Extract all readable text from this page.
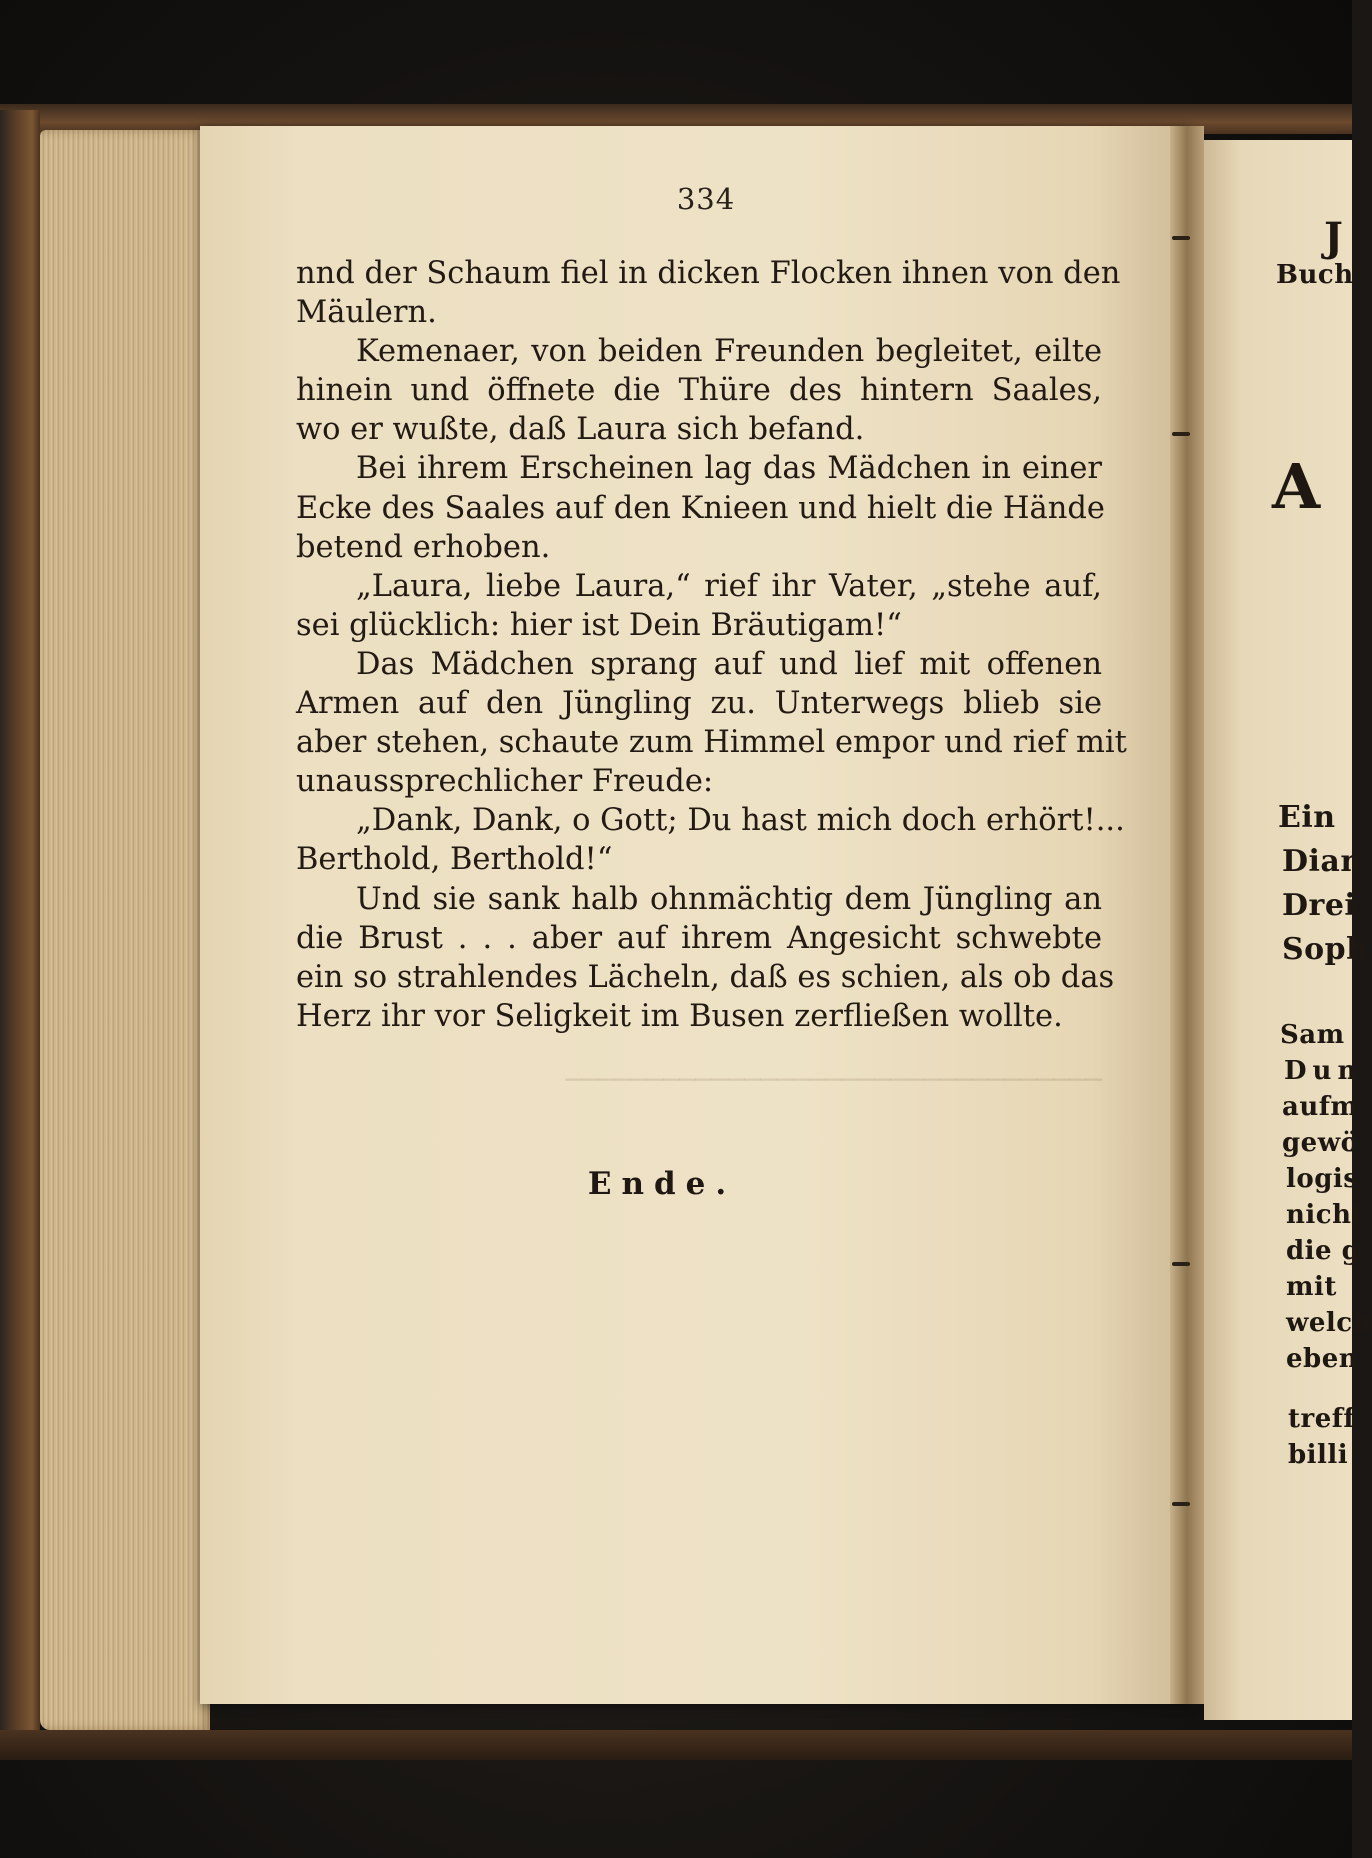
─────────────────────────────────
334
nnd der Schaum fiel in dicken Flocken ihnen von den
Mäulern.
Kemenaer, von beiden Freunden begleitet, eilte
hinein und öffnete die Thüre des hintern Saales,
wo er wußte, daß Laura sich befand.
Bei ihrem Erscheinen lag das Mädchen in einer
Ecke des Saales auf den Knieen und hielt die Hände
betend erhoben.
„Laura, liebe Laura,“ rief ihr Vater, „stehe auf,
sei glücklich: hier ist Dein Bräutigam!“
Das Mädchen sprang auf und lief mit offenen
Armen auf den Jüngling zu. Unterwegs blieb sie
aber stehen, schaute zum Himmel empor und rief mit
unaussprechlicher Freude:
„Dank, Dank, o Gott; Du hast mich doch erhört!...
Berthold, Berthold!“
Und sie sank halb ohnmächtig dem Jüngling an
die Brust . . . aber auf ihrem Angesicht schwebte
ein so strahlendes Lächeln, daß es schien, als ob das
Herz ihr vor Seligkeit im Busen zerfließen wollte.
Ende.
J
Buch
A
Ein
Dian
Drei
Soph
Sam
Dun
aufm
gewö
logis
nicht
die g
mit
welch
eben
treff
billi
